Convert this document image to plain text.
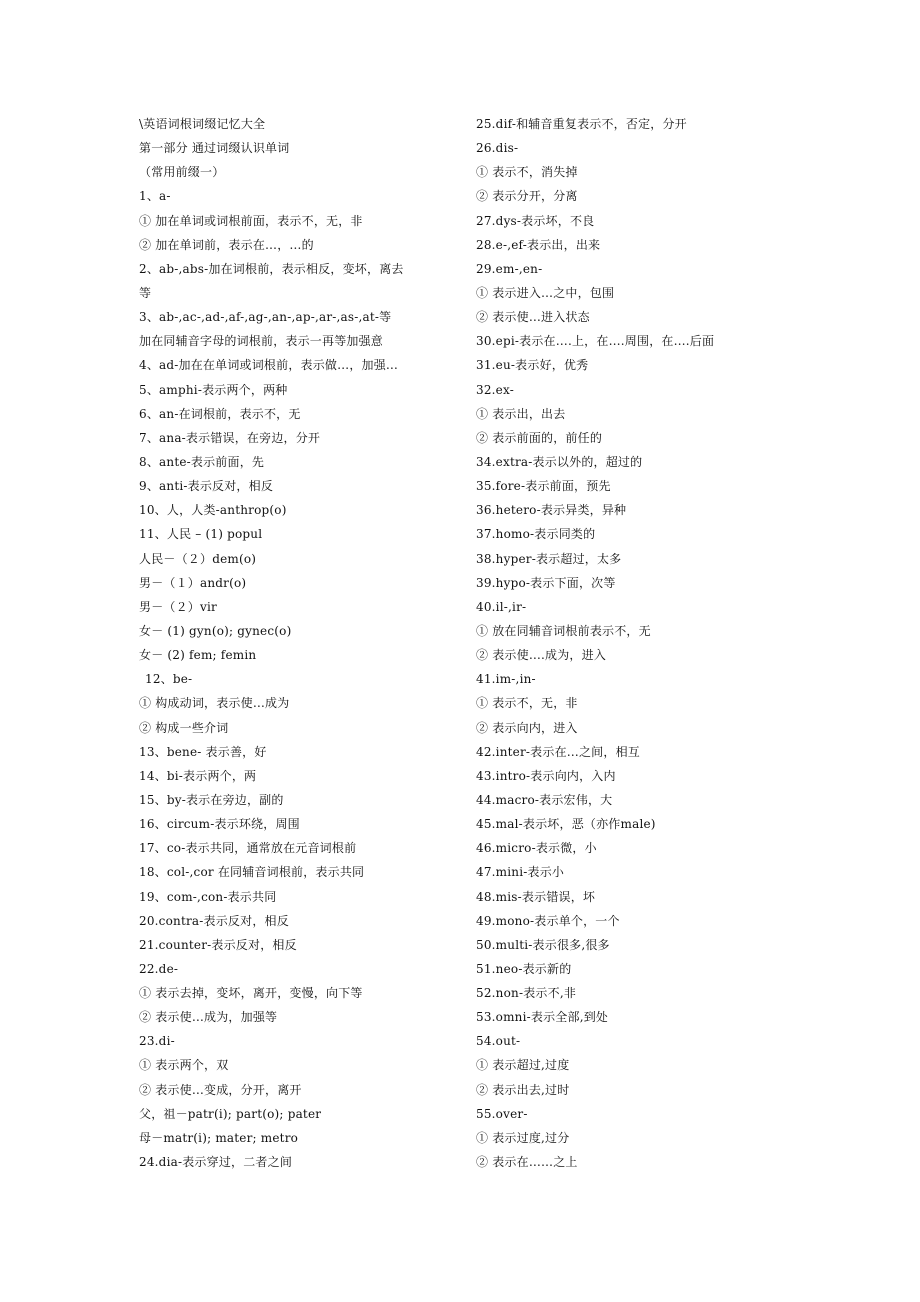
\英语词根词缀记忆大全
第一部分 通过词缀认识单词
（常用前缀一）
1、a-
① 加在单词或词根前面，表示不，无，非
② 加在单词前，表示在…，…的
2、ab-,abs-加在词根前，表示相反，变坏，离去
等
3、ab-,ac-,ad-,af-,ag-,an-,ap-,ar-,as-,at-等
加在同辅音字母的词根前，表示一再等加强意
4、ad-加在在单词或词根前，表示做…，加强…
5、amphi-表示两个，两种
6、an-在词根前，表示不，无
7、ana-表示错误，在旁边，分开
8、ante-表示前面，先
9、anti-表示反对，相反
10、人，人类-anthrop(o)
11、人民 – (1) popul
人民－（２）dem(o)
男－（１）andr(o)
男－（２）vir
女－ (1) gyn(o); gynec(o)
女－ (2) fem; femin
12、be-
① 构成动词，表示使…成为
② 构成一些介词
13、bene- 表示善，好
14、bi-表示两个，两
15、by-表示在旁边，副的
16、circum-表示环绕，周围
17、co-表示共同，通常放在元音词根前
18、col-,cor 在同辅音词根前，表示共同
19、com-,con-表示共同
20.contra-表示反对，相反
21.counter-表示反对，相反
22.de-
① 表示去掉，变坏，离开，变慢，向下等
② 表示使…成为，加强等
23.di-
① 表示两个，双
② 表示使…变成，分开，离开
父，祖－patr(i); part(o); pater
母－matr(i); mater; metro
24.dia-表示穿过，二者之间
25.dif-和辅音重复表示不，否定，分开
26.dis-
① 表示不，消失掉
② 表示分开，分离
27.dys-表示坏，不良
28.e-,ef-表示出，出来
29.em-,en-
① 表示进入…之中，包围
② 表示使…进入状态
30.epi-表示在….上，在….周围，在….后面
31.eu-表示好，优秀
32.ex-
① 表示出，出去
② 表示前面的，前任的
34.extra-表示以外的，超过的
35.fore-表示前面，预先
36.hetero-表示异类，异种
37.homo-表示同类的
38.hyper-表示超过，太多
39.hypo-表示下面，次等
40.il-,ir-
① 放在同辅音词根前表示不，无
② 表示使….成为，进入
41.im-,in-
① 表示不，无，非
② 表示向内，进入
42.inter-表示在…之间，相互
43.intro-表示向内，入内
44.macro-表示宏伟，大
45.mal-表示坏，恶（亦作male)
46.micro-表示微，小
47.mini-表示小
48.mis-表示错误，坏
49.mono-表示单个，一个
50.multi-表示很多,很多
51.neo-表示新的
52.non-表示不,非
53.omni-表示全部,到处
54.out-
① 表示超过,过度
② 表示出去,过时
55.over-
① 表示过度,过分
② 表示在……之上
